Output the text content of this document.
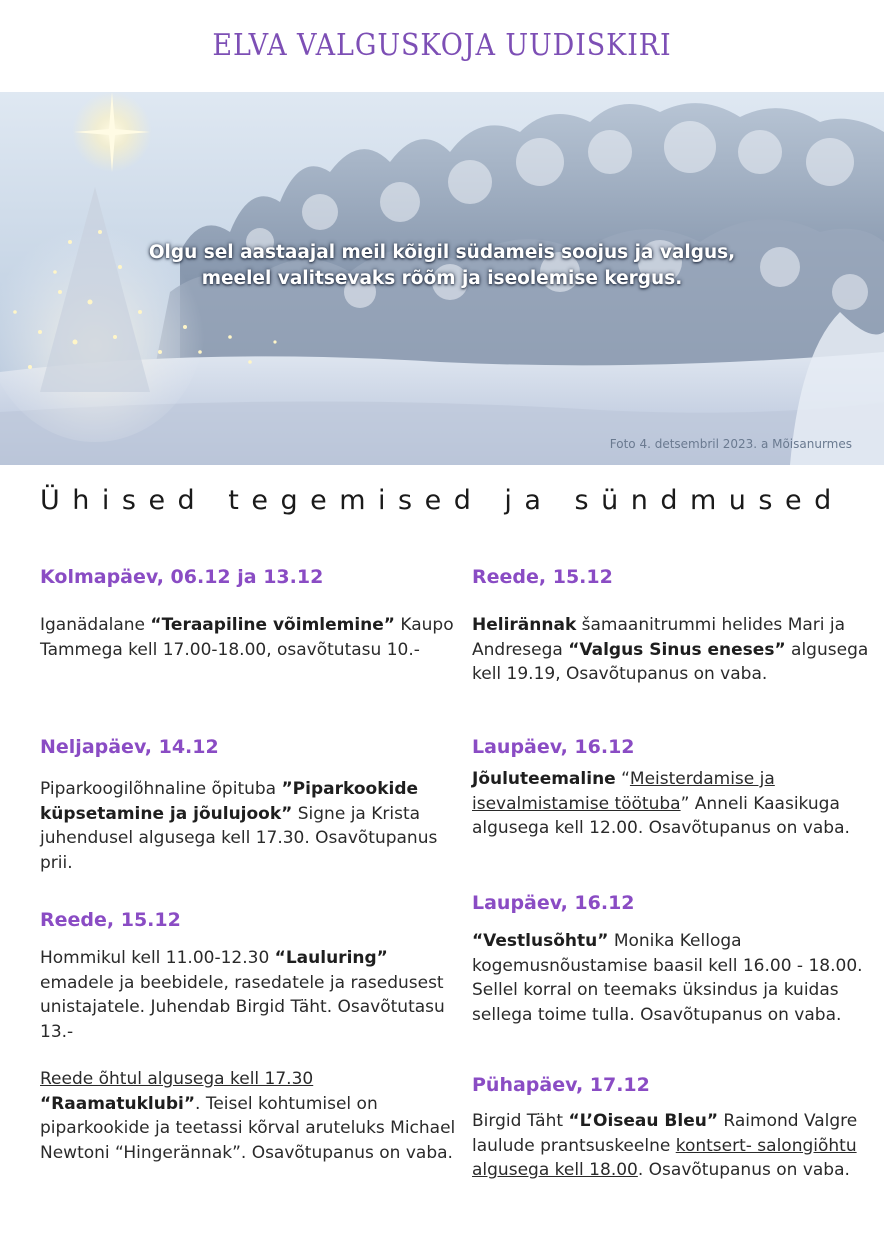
ELVA VALGUSKOJA UUDISKIRI
Olgu sel aastaajal meil kõigil südameis soojus ja valgus,
meelel valitsevaks rõõm ja iseolemise kergus.
Foto 4. detsembril 2023. a Mõisanurmes
Ühised tegemised ja sündmused

Kolmapäev, 06.12 ja 13.12

Iganädalane “Teraapiline võimlemine” Kaupo Tammega kell 17.00-18.00, osavõtutasu 10.-

Neljapäev, 14.12

Piparkoogilõhnaline õpituba ”Piparkookide küpsetamine ja jõulujook” Signe ja Krista juhendusel algusega kell 17.30. Osavõtupanus prii.

Reede, 15.12

Hommikul kell 11.00-12.30 “Lauluring” emadele ja beebidele, rasedatele ja rasedusest unistajatele. Juhendab Birgid Täht. Osavõtutasu 13.-

Reede õhtul algusega kell 17.30
“Raamatuklubi”. Teisel kohtumisel on piparkookide ja teetassi kõrval aruteluks Michael Newtoni “Hingerännak”. Osavõtupanus on vaba.

Reede, 15.12

Helirännak šamaanitrummi helides Mari ja Andresega “Valgus Sinus eneses” algusega kell 19.19, Osavõtupanus on vaba.

Laupäev, 16.12

Jõuluteemaline “Meisterdamise ja isevalmistamise töötuba” Anneli Kaasikuga algusega kell 12.00. Osavõtupanus on vaba.

Laupäev, 16.12

“Vestlusõhtu” Monika Kelloga kogemusnõustamise baasil kell 16.00 - 18.00. Sellel korral on teemaks üksindus ja kuidas sellega toime tulla. Osavõtupanus on vaba.

Pühapäev, 17.12

Birgid Täht “L’Oiseau Bleu” Raimond Valgre laulude prantsuskeelne kontsert- salongiõhtu algusega kell 18.00. Osavõtupanus on vaba.
